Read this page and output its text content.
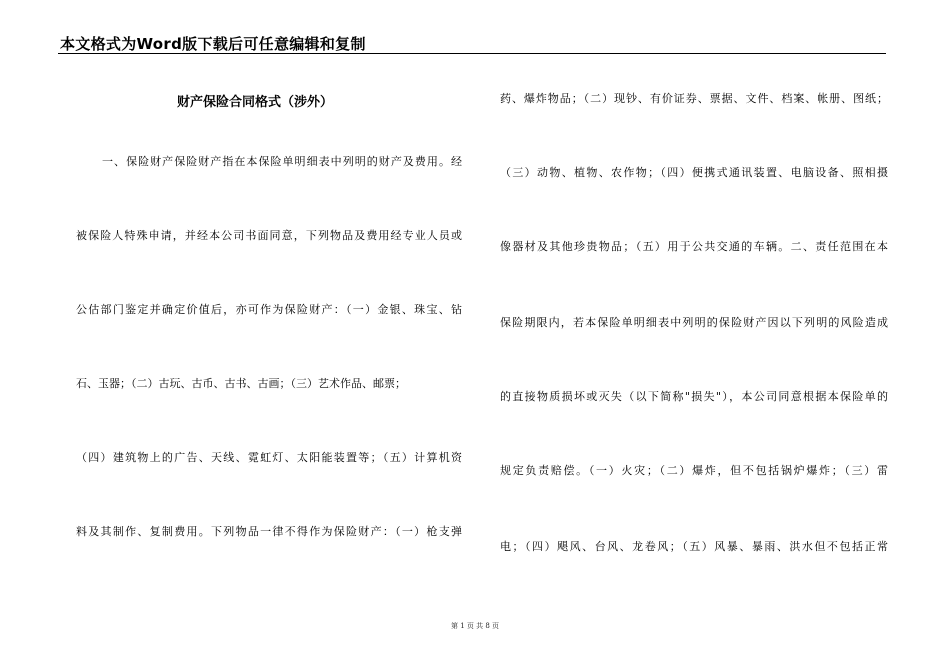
本文格式为Word版下载后可任意编辑和复制
财产保险合同格式（涉外）
一、保险财产保险财产指在本保险单明细表中列明的财产及费用。经
被保险人特殊申请，并经本公司书面同意，下列物品及费用经专业人员或
公估部门鉴定并确定价值后，亦可作为保险财产：（一）金银、珠宝、钻
石、玉器；（二）古玩、古币、古书、古画；（三）艺术作品、邮票；
（四）建筑物上的广告、天线、霓虹灯、太阳能装置等；（五）计算机资
料及其制作、复制费用。下列物品一律不得作为保险财产：（一）枪支弹
药、爆炸物品；（二）现钞、有价证券、票据、文件、档案、帐册、图纸；
（三）动物、植物、农作物；（四）便携式通讯装置、电脑设备、照相摄
像器材及其他珍贵物品；（五）用于公共交通的车辆。二、责任范围在本
保险期限内，若本保险单明细表中列明的保险财产因以下列明的风险造成
的直接物质损坏或灭失（以下简称"损失"），本公司同意根据本保险单的
规定负责赔偿。（一）火灾；（二）爆炸，但不包括锅炉爆炸；（三）雷
电；（四）飓风、台风、龙卷风；（五）风暴、暴雨、洪水但不包括正常
第 1 页 共 8 页
